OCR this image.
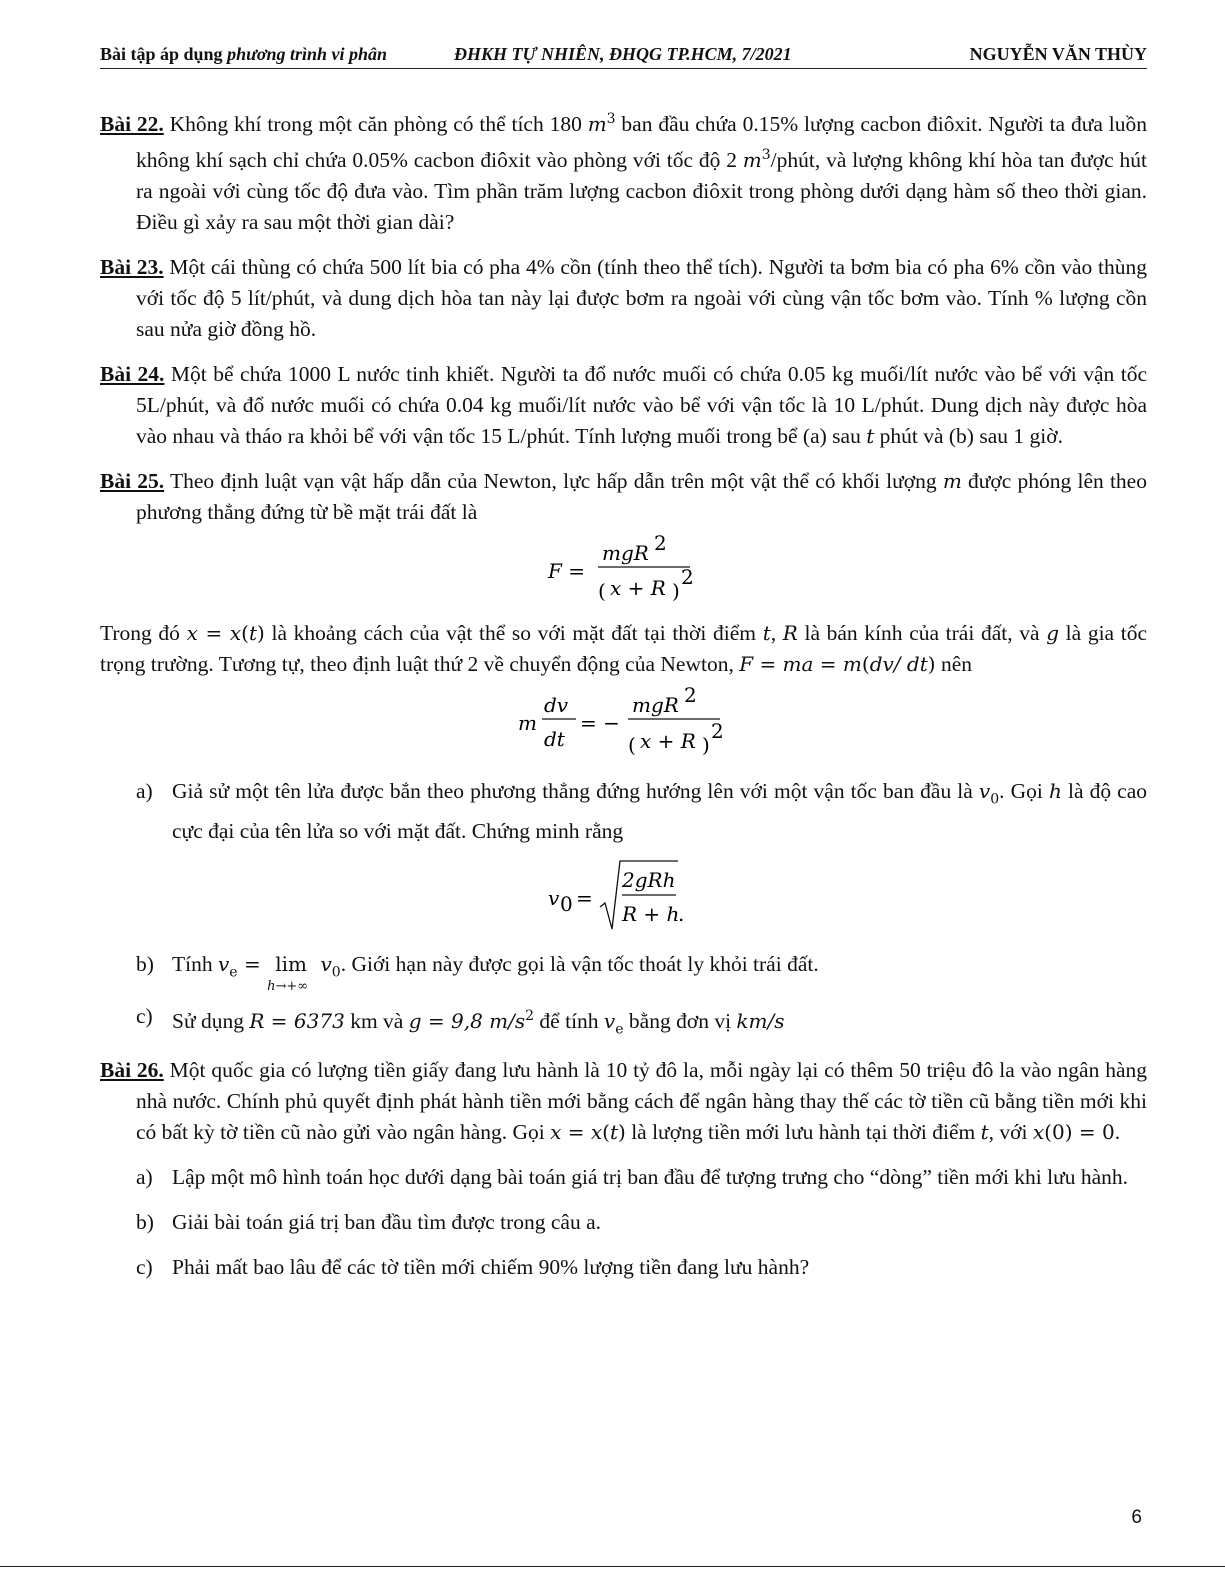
Bài tập áp dụng phương trình vi phân	ĐHKH TỰ NHIÊN, ĐHQG TP.HCM, 7/2021	NGUYỄN VĂN THÙY

Bài 22. Không khí trong một căn phòng có thể tích 180 $m^3$ ban đầu chứa 0.15% lượng cacbon điôxit. Người ta đưa luồn không khí sạch chỉ chứa 0.05% cacbon điôxit vào phòng với tốc độ 2 $m^3$/phút, và lượng không khí hòa tan được hút ra ngoài với cùng tốc độ đưa vào. Tìm phần trăm lượng cacbon điôxit trong phòng dưới dạng hàm số theo thời gian. Điều gì xảy ra sau một thời gian dài?

Bài 23. Một cái thùng có chứa 500 lít bia có pha 4% cồn (tính theo thể tích). Người ta bơm bia có pha 6% cồn vào thùng với tốc độ 5 lít/phút, và dung dịch hòa tan này lại được bơm ra ngoài với cùng vận tốc bơm vào. Tính % lượng cồn sau nửa giờ đồng hồ.

Bài 24. Một bể chứa 1000 L nước tinh khiết. Người ta đổ nước muối có chứa 0.05 kg muối/lít nước vào bể với vận tốc 5L/phút, và đổ nước muối có chứa 0.04 kg muối/lít nước vào bể với vận tốc là 10 L/phút. Dung dịch này được hòa vào nhau và tháo ra khỏi bể với vận tốc 15 L/phút. Tính lượng muối trong bể (a) sau t phút và (b) sau 1 giờ.

Bài 25. Theo định luật vạn vật hấp dẫn của Newton, lực hấp dẫn trên một vật thể có khối lượng m được phóng lên theo phương thẳng đứng từ bề mặt trái đất là

F =
mgR 2
( x + R )
2

Trong đó x = x(t) là khoảng cách của vật thể so với mặt đất tại thời điểm t, R là bán kính của trái đất, và g là gia tốc trọng trường. Tương tự, theo định luật thứ 2 về chuyển động của Newton, F = ma = m(dv/ dt) nên

m
dv
dt
= −
mgR 2
( x + R )
2
a) Giả sử một tên lửa được bắn theo phương thẳng đứng hướng lên với một vận tốc ban đầu là $v_0$. Gọi h là độ cao cực đại của tên lửa so với mặt đất. Chứng minh rằng
v 0 =
2gRh
R + h
.
b) Tính $v_e = \lim$
h→+∞
$v_0$. Giới hạn này được gọi là vận tốc thoát ly khỏi trái đất.
c) Sử dụng R = 6373 km và g = 9,8 $m/s^2$ để tính $v_e$ bằng đơn vị km/s

Bài 26. Một quốc gia có lượng tiền giấy đang lưu hành là 10 tỷ đô la, mỗi ngày lại có thêm 50 triệu đô la vào ngân hàng nhà nước. Chính phủ quyết định phát hành tiền mới bằng cách để ngân hàng thay thế các tờ tiền cũ bằng tiền mới khi có bất kỳ tờ tiền cũ nào gửi vào ngân hàng. Gọi x = x(t) là lượng tiền mới lưu hành tại thời điểm t, với x(0) = 0.

a) Lập một mô hình toán học dưới dạng bài toán giá trị ban đầu để tượng trưng cho “dòng” tiền mới khi lưu hành.
b) Giải bài toán giá trị ban đầu tìm được trong câu a.
c) Phải mất bao lâu để các tờ tiền mới chiếm 90% lượng tiền đang lưu hành?
6
